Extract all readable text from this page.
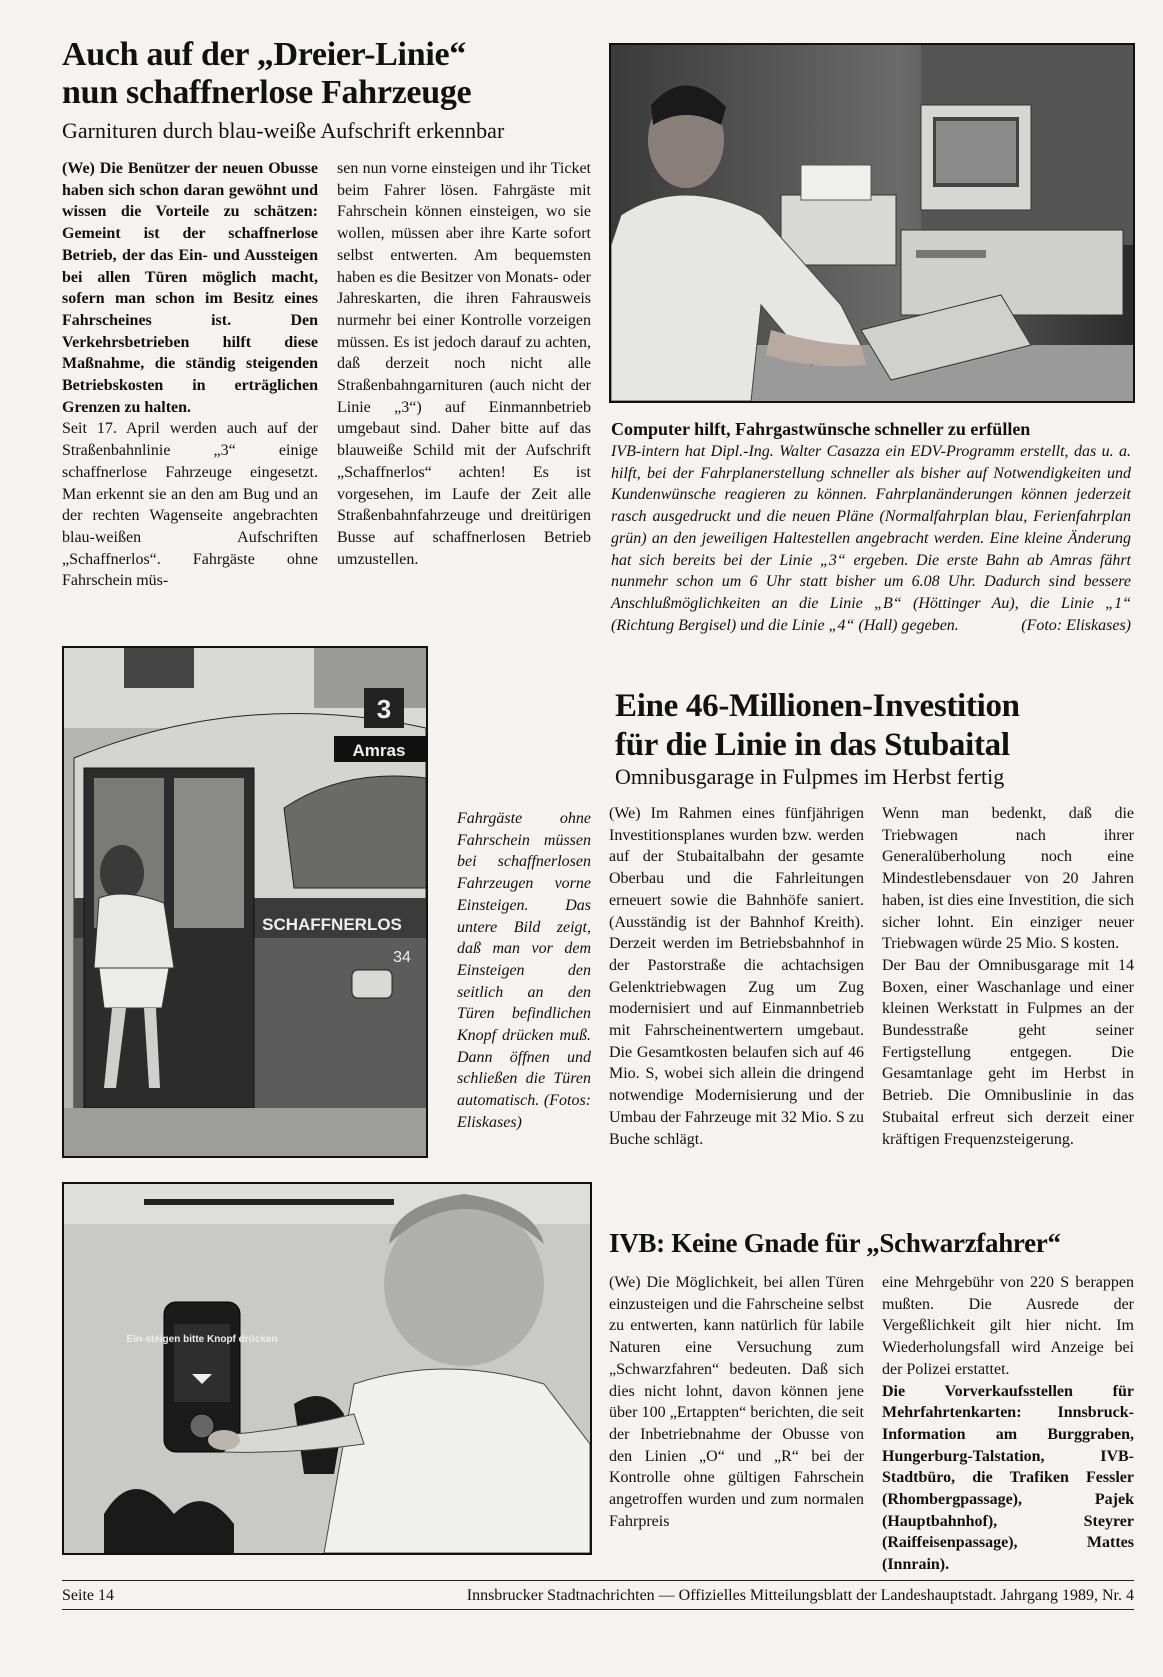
Auch auf der „Dreier-Linie“
nun schaffnerlose Fahrzeuge
Garnituren durch blau-weiße Aufschrift erkennbar

(We) Die Benützer der neuen Obusse haben sich schon daran gewöhnt und wissen die Vorteile zu schätzen: Gemeint ist der schaffnerlose Betrieb, der das Ein- und Aussteigen bei allen Türen möglich macht, sofern man schon im Besitz eines Fahrscheines ist. Den Verkehrsbetrieben hilft diese Maßnahme, die ständig steigenden Betriebskosten in erträglichen Grenzen zu halten.

Seit 17. April werden auch auf der Straßenbahnlinie „3“ einige schaffnerlose Fahrzeuge eingesetzt. Man erkennt sie an den am Bug und an der rechten Wagenseite angebrachten blau-weißen Aufschriften „Schaffnerlos“. Fahrgäste ohne Fahrschein müs-

sen nun vorne einsteigen und ihr Ticket beim Fahrer lösen. Fahrgäste mit Fahrschein können einsteigen, wo sie wollen, müssen aber ihre Karte sofort selbst entwerten. Am bequemsten haben es die Besitzer von Monats- oder Jahreskarten, die ihren Fahrausweis nurmehr bei einer Kontrolle vorzeigen müssen. Es ist jedoch darauf zu achten, daß derzeit noch nicht alle Straßenbahngarnituren (auch nicht der Linie „3“) auf Einmannbetrieb umgebaut sind. Daher bitte auf das blauweiße Schild mit der Aufschrift „Schaffnerlos“ achten! Es ist vorgesehen, im Laufe der Zeit alle Straßenbahnfahrzeuge und dreitürigen Busse auf schaffnerlosen Betrieb umzustellen.

Computer hilft, Fahrgastwünsche schneller zu erfüllen
IVB-intern hat Dipl.-Ing. Walter Casazza ein EDV-Programm erstellt, das u. a. hilft, bei der Fahrplanerstellung schneller als bisher auf Notwendigkeiten und Kundenwünsche reagieren zu können. Fahrplanänderungen können jederzeit rasch ausgedruckt und die neuen Pläne (Normalfahrplan blau, Ferienfahrplan grün) an den jeweiligen Haltestellen angebracht werden. Eine kleine Änderung hat sich bereits bei der Linie „3“ ergeben. Die erste Bahn ab Amras fährt nunmehr schon um 6 Uhr statt bisher um 6.08 Uhr. Dadurch sind bessere Anschlußmöglichkeiten an die Linie „B“ (Höttinger Au), die Linie „1“ (Richtung Bergisel) und die Linie „4“ (Hall) gegeben.	(Foto: Eliskases)
3
Amras
SCHAFFNERLOS
34
Fahrgäste ohne Fahrschein müssen bei schaffnerlosen Fahrzeugen vorne Einsteigen. Das untere Bild zeigt, daß man vor dem Einsteigen den seitlich an den Türen befindlichen Knopf drücken muß. Dann öffnen und schließen die Türen automatisch. (Fotos: Eliskases)
Ein-steigen bitte Knopf drücken
Eine 46-Millionen-Investition
für die Linie in das Stubaital
Omnibusgarage in Fulpmes im Herbst fertig

(We) Im Rahmen eines fünfjährigen Investitionsplanes wurden bzw. werden auf der Stubaitalbahn der gesamte Oberbau und die Fahrleitungen erneuert sowie die Bahnhöfe saniert. (Ausständig ist der Bahnhof Kreith). Derzeit werden im Betriebsbahnhof in der Pastorstraße die achtachsigen Gelenktriebwagen Zug um Zug modernisiert und auf Einmannbetrieb mit Fahrscheinentwertern umgebaut. Die Gesamtkosten belaufen sich auf 46 Mio. S, wobei sich allein die dringend notwendige Modernisierung und der Umbau der Fahrzeuge mit 32 Mio. S zu Buche schlägt.

Wenn man bedenkt, daß die Triebwagen nach ihrer Generalüberholung noch eine Mindestlebensdauer von 20 Jahren haben, ist dies eine Investition, die sich sicher lohnt. Ein einziger neuer Triebwagen würde 25 Mio. S kosten.

Der Bau der Omnibusgarage mit 14 Boxen, einer Waschanlage und einer kleinen Werkstatt in Fulpmes an der Bundesstraße geht seiner Fertigstellung entgegen. Die Gesamtanlage geht im Herbst in Betrieb. Die Omnibuslinie in das Stubaital erfreut sich derzeit einer kräftigen Frequenzsteigerung.

IVB: Keine Gnade für „Schwarzfahrer“

(We) Die Möglichkeit, bei allen Türen einzusteigen und die Fahrscheine selbst zu entwerten, kann natürlich für labile Naturen eine Versuchung zum „Schwarzfahren“ bedeuten. Daß sich dies nicht lohnt, davon können jene über 100 „Ertappten“ berichten, die seit der Inbetriebnahme der Obusse von den Linien „O“ und „R“ bei der Kontrolle ohne gültigen Fahrschein angetroffen wurden und zum normalen Fahrpreis

eine Mehrgebühr von 220 S berappen mußten. Die Ausrede der Vergeßlichkeit gilt hier nicht. Im Wiederholungsfall wird Anzeige bei der Polizei erstattet.

Die Vorverkaufsstellen für Mehrfahrtenkarten: Innsbruck-Information am Burggraben, Hungerburg-Talstation, IVB-Stadtbüro, die Trafiken Fessler (Rhombergpassage), Pajek (Hauptbahnhof), Steyrer (Raiffeisenpassage), Mattes (Innrain).

Seite 14	Innsbrucker Stadtnachrichten — Offizielles Mitteilungsblatt der Landeshauptstadt. Jahrgang 1989, Nr. 4
